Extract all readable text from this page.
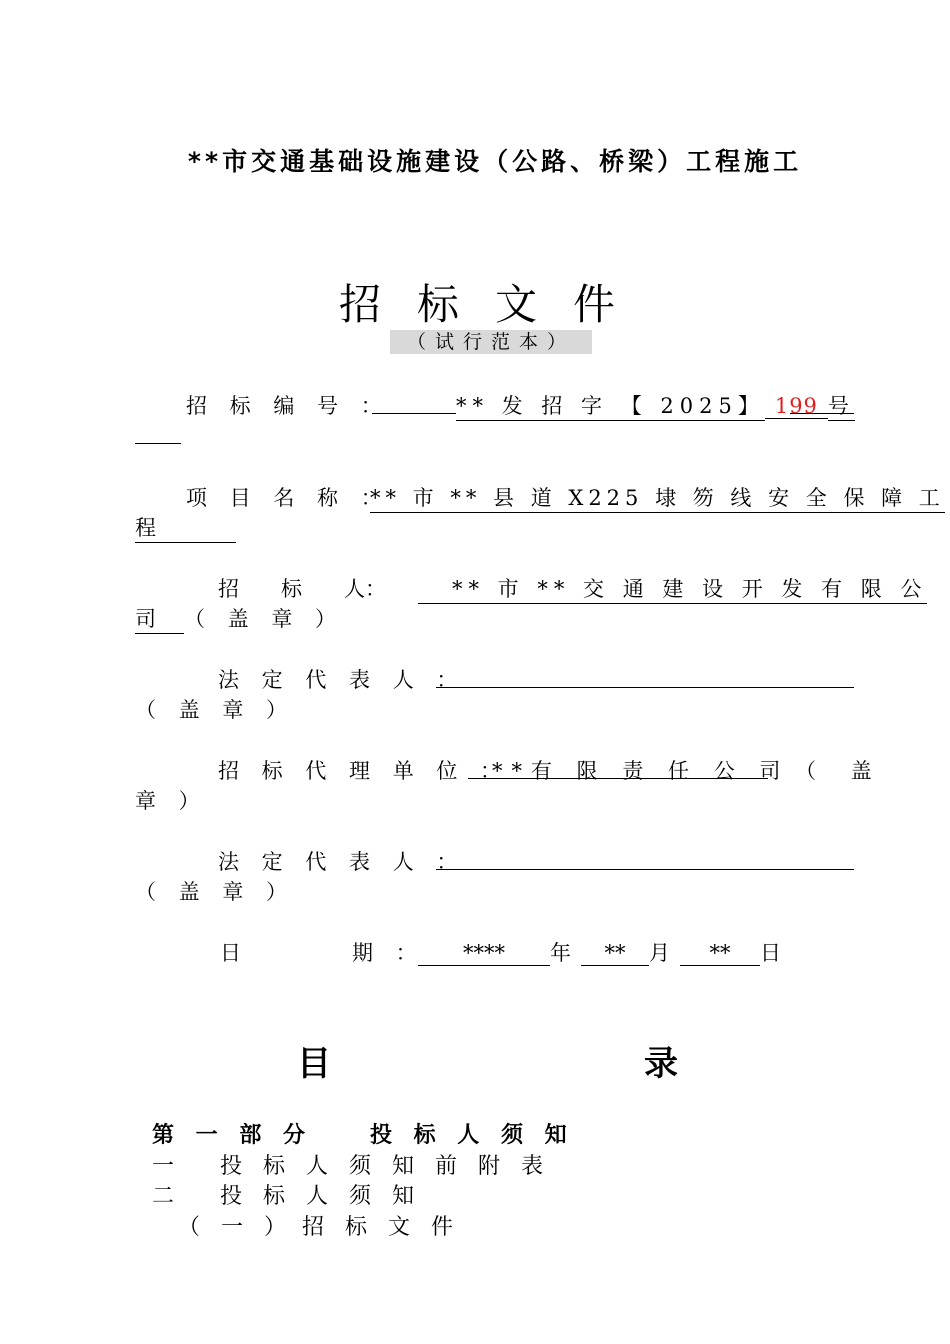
**市交通基础设施建设（公路、桥梁）工程施工
招标文件
（试行范本）
招 标 编 号 ：	** 发 招 字 【 2025】 199 号
项 目 名 称 ：
** 市 ** 县 道 X225 埭 笏 线 安 全 保 障 工
程
招　　标　　人：	** 市 ** 交 通 建 设 开 发 有 限 公
司 （ 盖 章 ）
法 定 代 表 人 ：
（ 盖 章 ）
招 标 代 理 单 位 ：
**有 限 责 任 公 司 （ 盖
章 ）
法 定 代 表 人 ：
（ 盖 章 ）
日	期 ：	**** 年 ** 月 ** 日
目	录
第 一 部 分　　投 标 人 须 知
一 投 标 人 须 知 前 附 表
二 投 标 人 须 知
（ 一 ） 招 标 文 件
